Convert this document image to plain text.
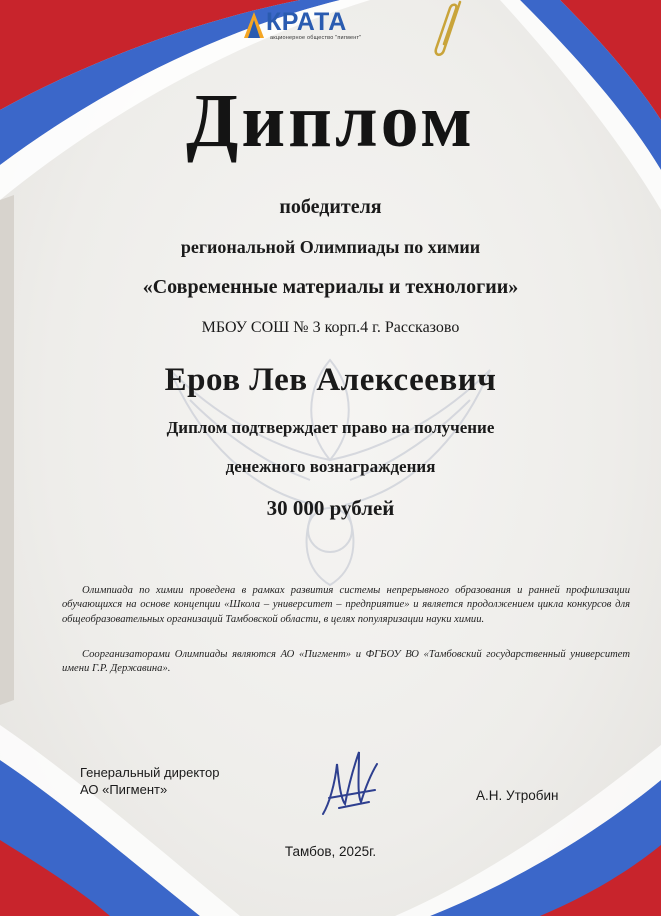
КРАТА
акционерное общество "пигмент"
Диплом
победителя
региональной Олимпиады по химии
«Современные материалы и технологии»
МБОУ СОШ № 3 корп.4 г. Рассказово
Еров Лев Алексеевич
Диплом подтверждает право на получение
денежного вознаграждения
30 000 рублей
Олимпиада по химии проведена в рамках развития системы непрерывного образования и ранней профилизации обучающихся на основе концепции «Школа – университет – предприятие» и является продолжением цикла конкурсов для общеобразовательных организаций Тамбовской области, в целях популяризации науки химии.
Соорганизаторами Олимпиады являются АО «Пигмент» и ФГБОУ ВО «Тамбовский государственный университет имени Г.Р. Державина».
Генеральный директор
АО «Пигмент»	А.Н. Утробин
Тамбов, 2025г.
